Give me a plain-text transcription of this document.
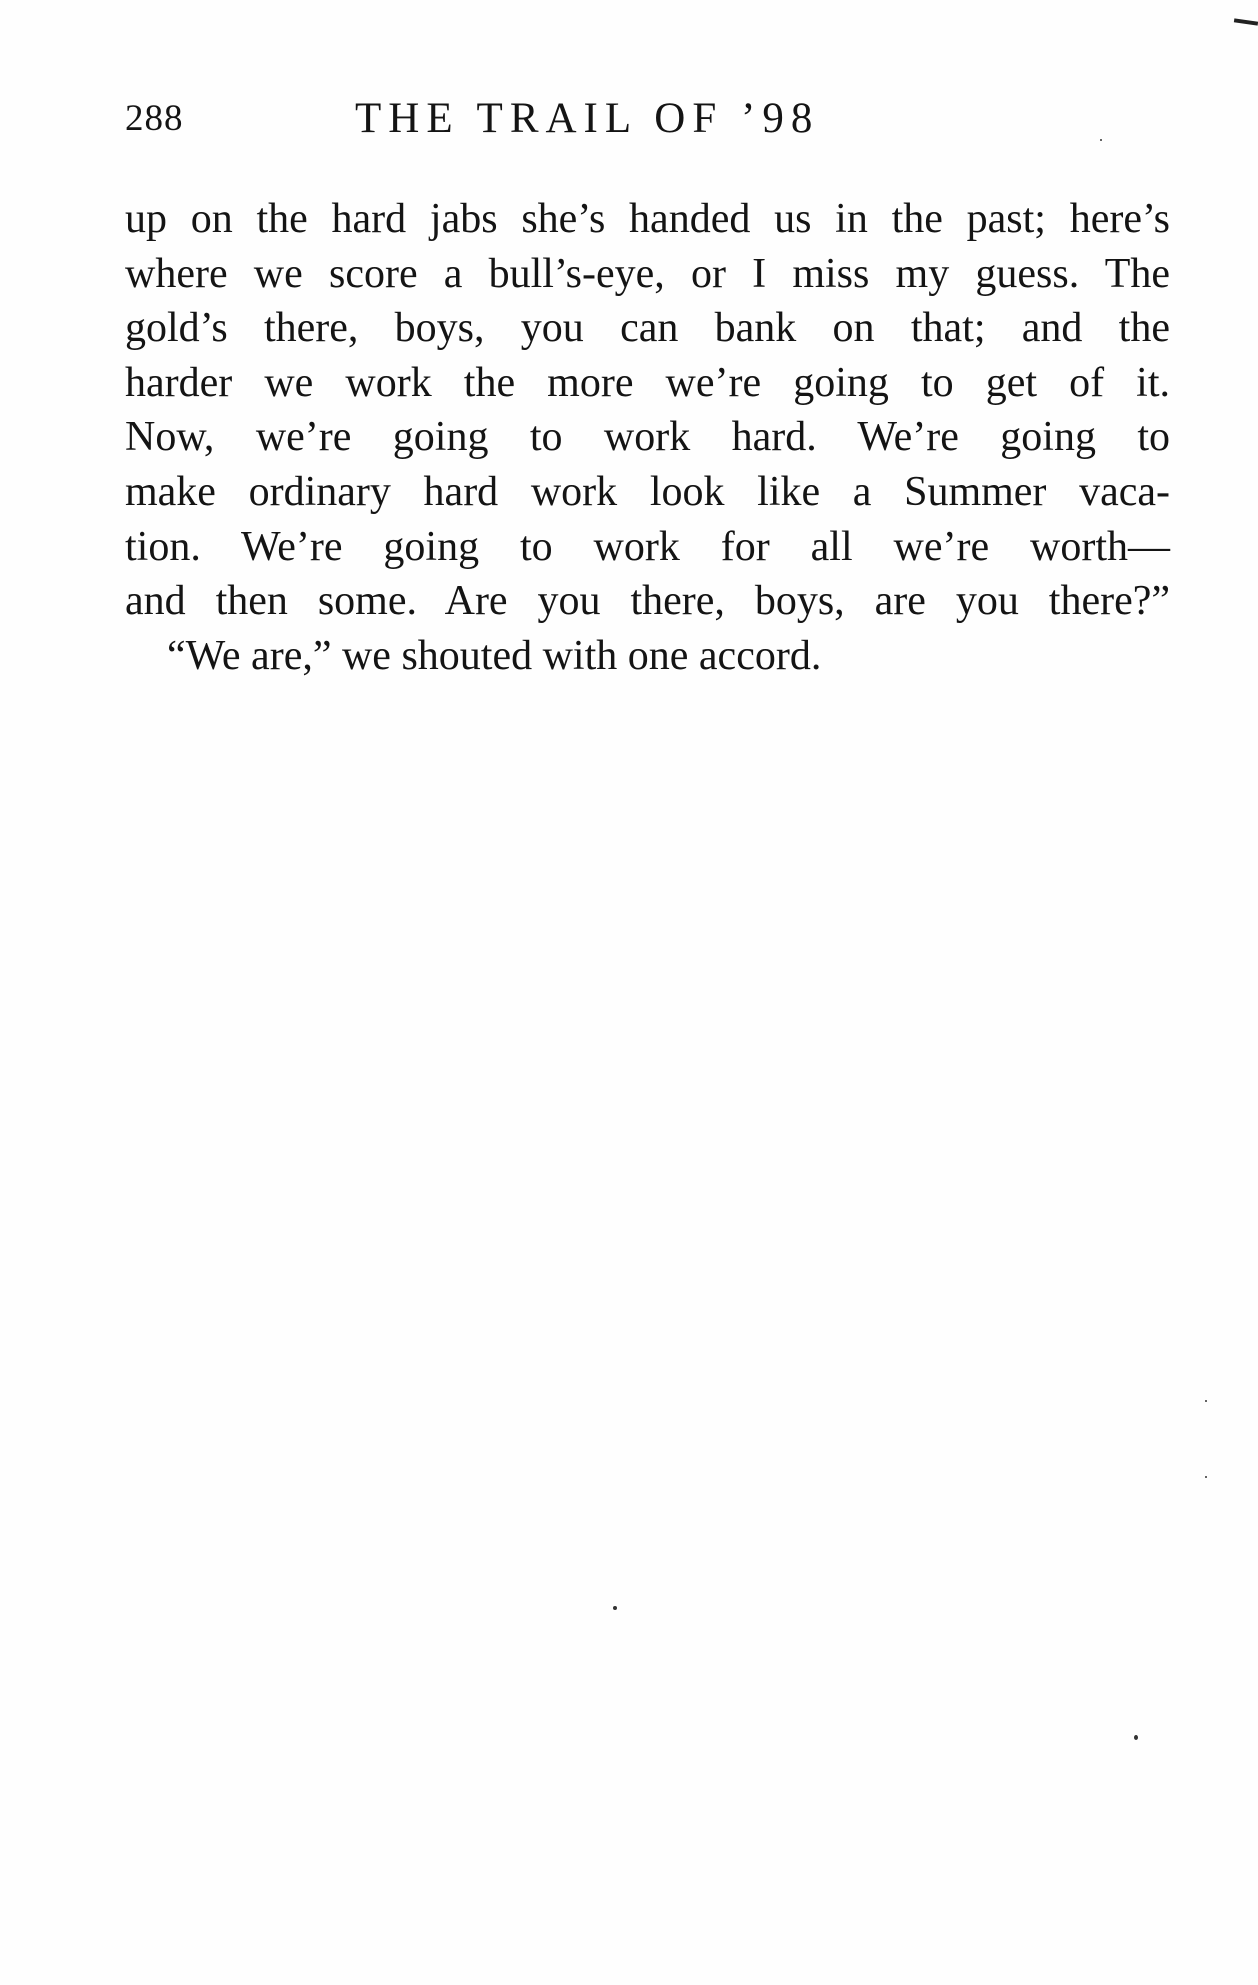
288	THE TRAIL OF ’98
up on the hard jabs she’s handed us in the past; here’s
where we score a bull’s-eye, or I miss my guess. The
gold’s there, boys, you can bank on that; and the
harder we work the more we’re going to get of it.
Now, we’re going to work hard. We’re going to
make ordinary hard work look like a Summer vaca-
tion. We’re going to work for all we’re worth—
and then some. Are you there, boys, are you there?”
“We are,” we shouted with one accord.
